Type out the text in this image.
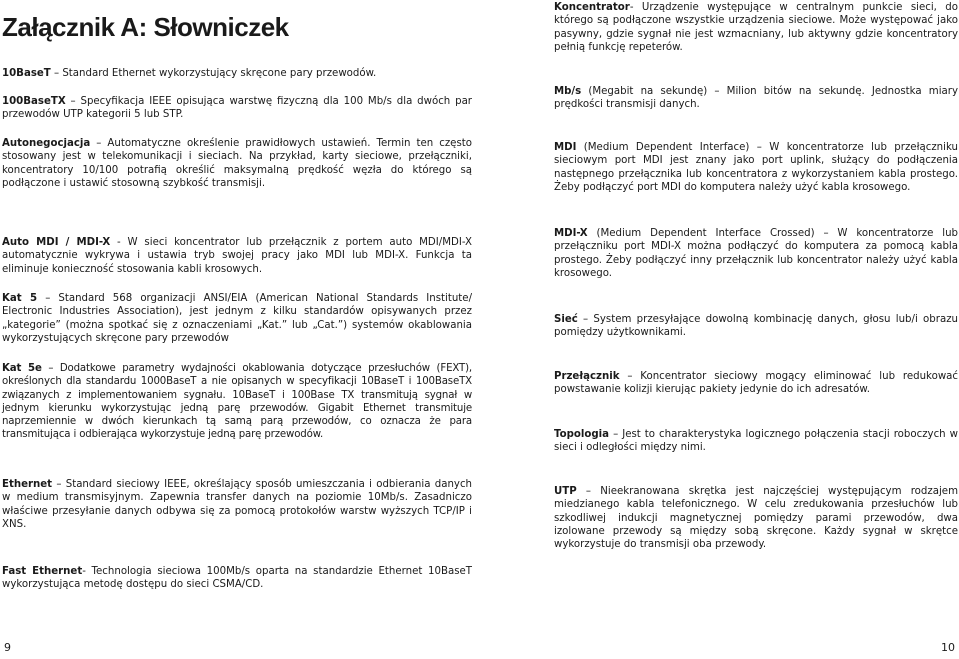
Załącznik A: Słowniczek

10BaseT – Standard Ethernet wykorzystujący skręcone pary przewodów.

100BaseTX – Specyfikacja IEEE opisująca warstwę fizyczną dla 100 Mb/s dla dwóch par przewodów UTP kategorii 5 lub STP.

Autonegocjacja – Automatyczne określenie prawidłowych ustawień. Termin ten często stosowany jest w telekomunikacji i sieciach. Na przykład, karty sieciowe, przełączniki, koncentratory 10/100 potrafią określić maksymalną prędkość węzła do którego są podłączone i ustawić stosowną szybkość transmisji.

Auto MDI / MDI-X - W sieci koncentrator lub przełącznik z portem auto MDI/MDI-X automatycznie wykrywa i ustawia tryb swojej pracy jako MDI lub MDI-X. Funkcja ta eliminuje konieczność stosowania kabli krosowych.

Kat 5 – Standard 568 organizacji ANSI/EIA (American National Standards Institute/ Electronic Industries Association), jest jednym z kilku standardów opisywanych przez „kategorie” (można spotkać się z oznaczeniami „Kat.” lub „Cat.”) systemów okablowania wykorzystujących skręcone pary przewodów

Kat 5e – Dodatkowe parametry wydajności okablowania dotyczące przesłuchów (FEXT), określonych dla standardu 1000BaseT a nie opisanych w specyfikacji 10BaseT i 100BaseTX związanych z implementowaniem sygnału. 10BaseT i 100Base TX transmitują sygnał w jednym kierunku wykorzystując jedną parę przewodów. Gigabit Ethernet transmituje naprzemiennie w dwóch kierunkach tą samą parą przewodów, co oznacza że para transmitująca i odbierająca wykorzystuje jedną parę przewodów.

Ethernet – Standard sieciowy IEEE, określający sposób umieszczania i odbierania danych w medium transmisyjnym. Zapewnia transfer danych na poziomie 10Mb/s. Zasadniczo właściwe przesyłanie danych odbywa się za pomocą protokołów warstw wyższych TCP/IP i XNS.

Fast Ethernet- Technologia sieciowa 100Mb/s oparta na standardzie Ethernet 10BaseT wykorzystująca metodę dostępu do sieci CSMA/CD.

Koncentrator- Urządzenie występujące w centralnym punkcie sieci, do którego są podłączone wszystkie urządzenia sieciowe. Może występować jako pasywny, gdzie sygnał nie jest wzmacniany, lub aktywny gdzie koncentratory pełnią funkcję repeterów.

Mb/s (Megabit na sekundę) – Milion bitów na sekundę. Jednostka miary prędkości transmisji danych.

MDI (Medium Dependent Interface) – W koncentratorze lub przełączniku sieciowym port MDI jest znany jako port uplink, służący do podłączenia następnego przełącznika lub koncentratora z wykorzystaniem kabla prostego. Żeby podłączyć port MDI do komputera należy użyć kabla krosowego.

MDI-X (Medium Dependent Interface Crossed) – W koncentratorze lub przełączniku port MDI-X można podłączyć do komputera za pomocą kabla prostego. Żeby podłączyć inny przełącznik lub koncentrator należy użyć kabla krosowego.

Sieć – System przesyłające dowolną kombinację danych, głosu lub/i obrazu pomiędzy użytkownikami.

Przełącznik – Koncentrator sieciowy mogący eliminować lub redukować powstawanie kolizji kierując pakiety jedynie do ich adresatów.

Topologia – Jest to charakterystyka logicznego połączenia stacji roboczych w sieci i odległości między nimi.

UTP – Nieekranowana skrętka jest najczęściej występującym rodzajem miedzianego kabla telefonicznego. W celu zredukowania przesłuchów lub szkodliwej indukcji magnetycznej pomiędzy parami przewodów, dwa izolowane przewody są między sobą skręcone. Każdy sygnał w skrętce wykorzystuje do transmisji oba przewody.

9	10
